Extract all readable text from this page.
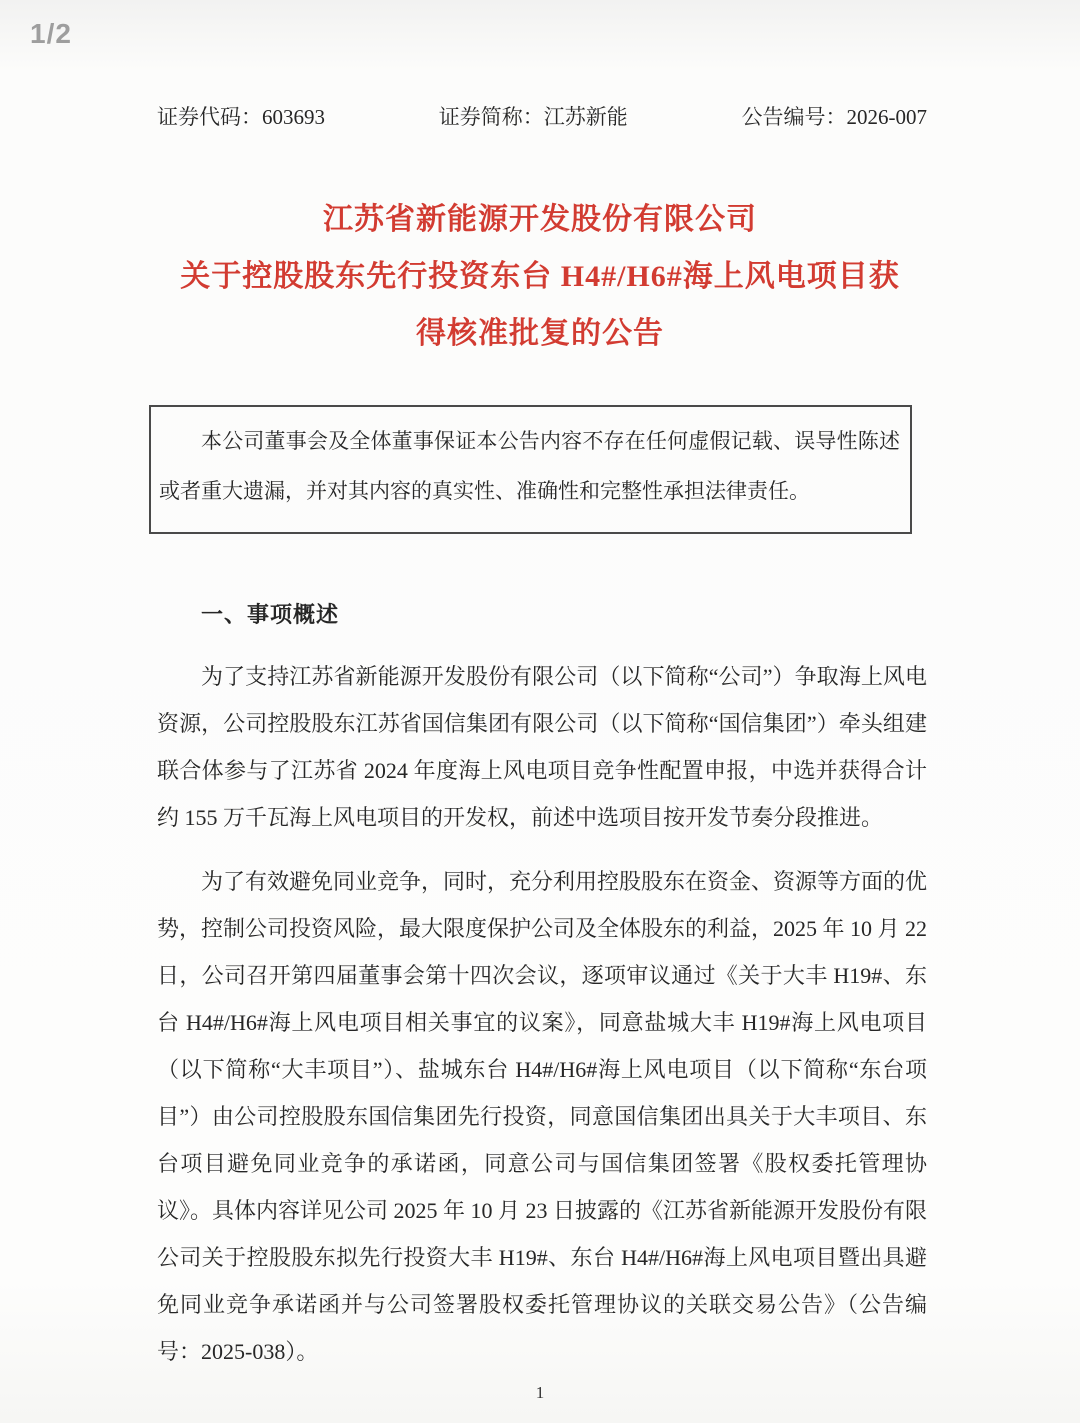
1/2
证券代码：603693	证券简称：江苏新能	公告编号：2026-007
江苏省新能源开发股份有限公司
关于控股股东先行投资东台 H4#/H6#海上风电项目获
得核准批复的公告

本公司董事会及全体董事保证本公告内容不存在任何虚假记载、误导性陈述或者重大遗漏，并对其内容的真实性、准确性和完整性承担法律责任。

一、事项概述

为了支持江苏省新能源开发股份有限公司（以下简称“公司”）争取海上风电资源，公司控股股东江苏省国信集团有限公司（以下简称“国信集团”）牵头组建联合体参与了江苏省 2024 年度海上风电项目竞争性配置申报，中选并获得合计约 155 万千瓦海上风电项目的开发权，前述中选项目按开发节奏分段推进。

为了有效避免同业竞争，同时，充分利用控股股东在资金、资源等方面的优势，控制公司投资风险，最大限度保护公司及全体股东的利益，2025 年 10 月 22 日，公司召开第四届董事会第十四次会议，逐项审议通过《关于大丰 H19#、东台 H4#/H6#海上风电项目相关事宜的议案》，同意盐城大丰 H19#海上风电项目（以下简称“大丰项目”）、盐城东台 H4#/H6#海上风电项目（以下简称“东台项目”）由公司控股股东国信集团先行投资，同意国信集团出具关于大丰项目、东台项目避免同业竞争的承诺函，同意公司与国信集团签署《股权委托管理协议》。具体内容详见公司 2025 年 10 月 23 日披露的《江苏省新能源开发股份有限公司关于控股股东拟先行投资大丰 H19#、东台 H4#/H6#海上风电项目暨出具避免同业竞争承诺函并与公司签署股权委托管理协议的关联交易公告》（公告编号：2025-038）。

1
